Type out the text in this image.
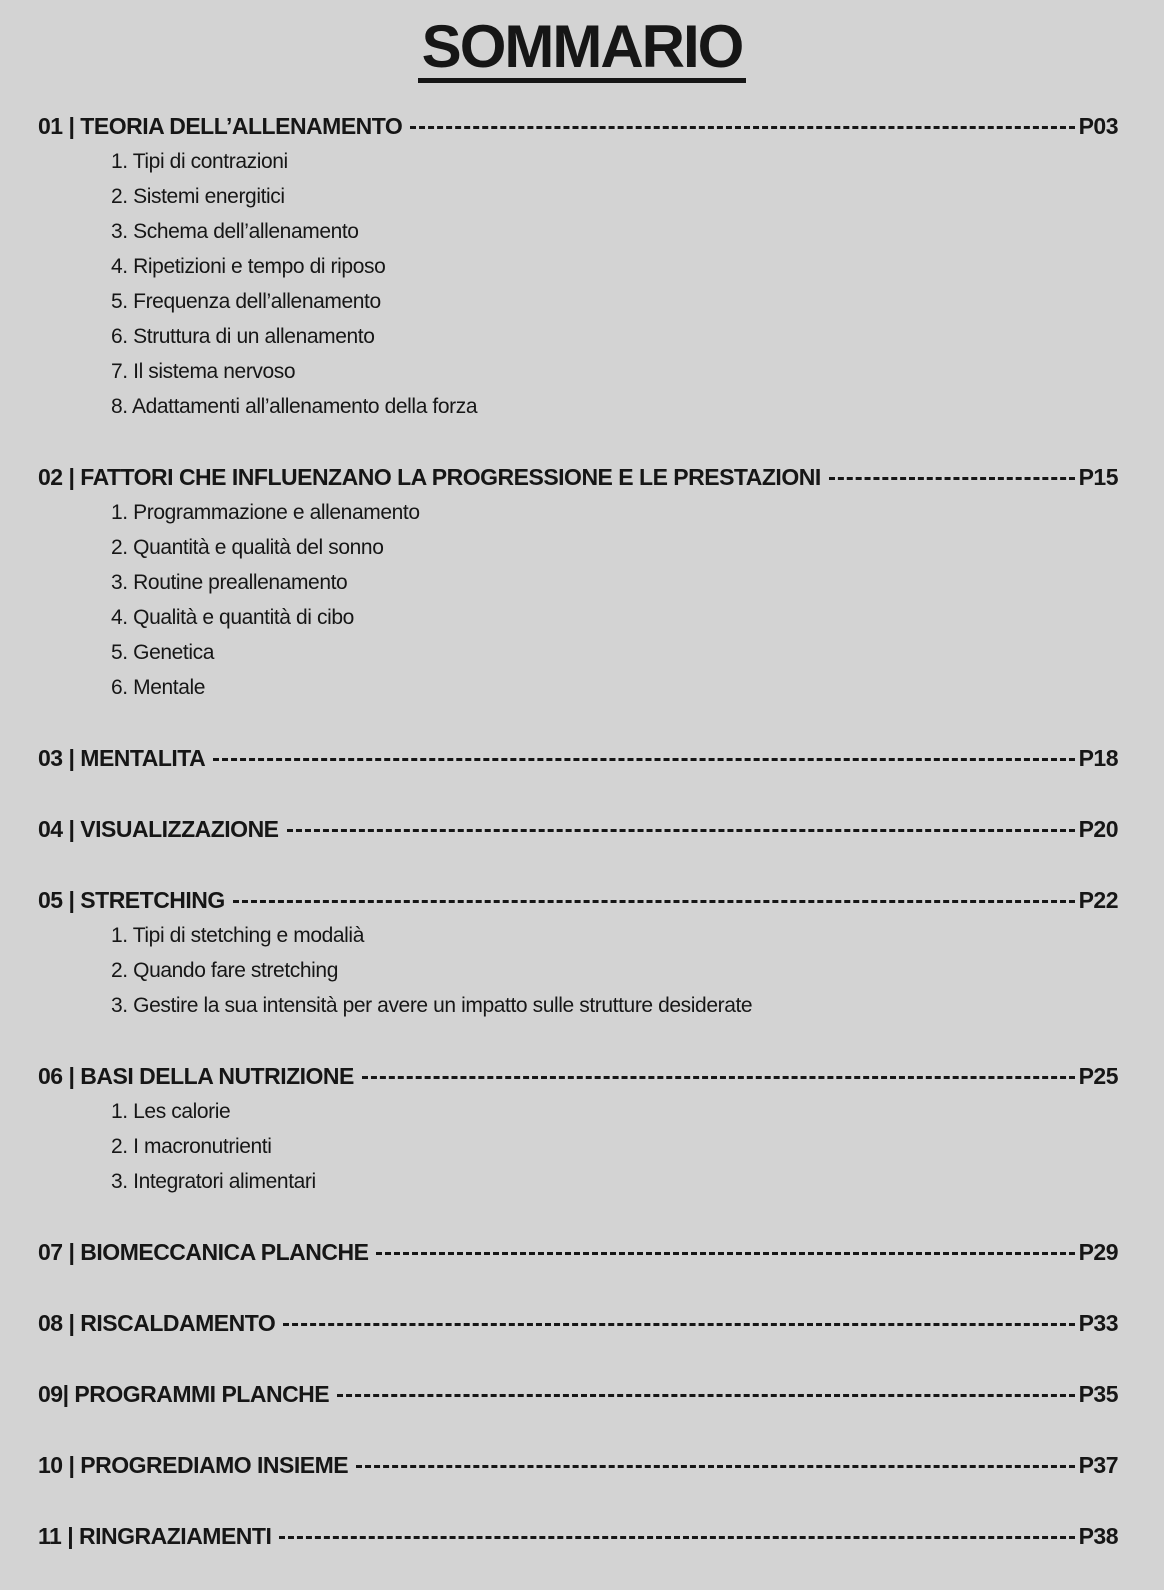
SOMMARIO
01 | TEORIA DELL’ALLENAMENTO	P03
1. Tipi di contrazioni
2. Sistemi energitici
3. Schema dell’allenamento
4. Ripetizioni e tempo di riposo
5. Frequenza dell’allenamento
6. Struttura di un allenamento
7. Il sistema nervoso
8. Adattamenti all’allenamento della forza
02 | FATTORI CHE INFLUENZANO LA PROGRESSIONE E LE PRESTAZIONI	P15
1. Programmazione e allenamento
2. Quantità e qualità del sonno
3. Routine preallenamento
4. Qualità e quantità di cibo
5. Genetica
6. Mentale
03 | MENTALITA	P18
04 | VISUALIZZAZIONE	P20
05 | STRETCHING	P22
1. Tipi di stetching e modalià
2. Quando fare stretching
3. Gestire la sua intensità per avere un impatto sulle strutture desiderate
06 | BASI DELLA NUTRIZIONE	P25
1. Les calorie
2. I macronutrienti
3. Integratori alimentari
07 | BIOMECCANICA PLANCHE	P29
08 | RISCALDAMENTO	P33
09| PROGRAMMI PLANCHE	P35
10 | PROGREDIAMO INSIEME	P37
11 | RINGRAZIAMENTI	P38
